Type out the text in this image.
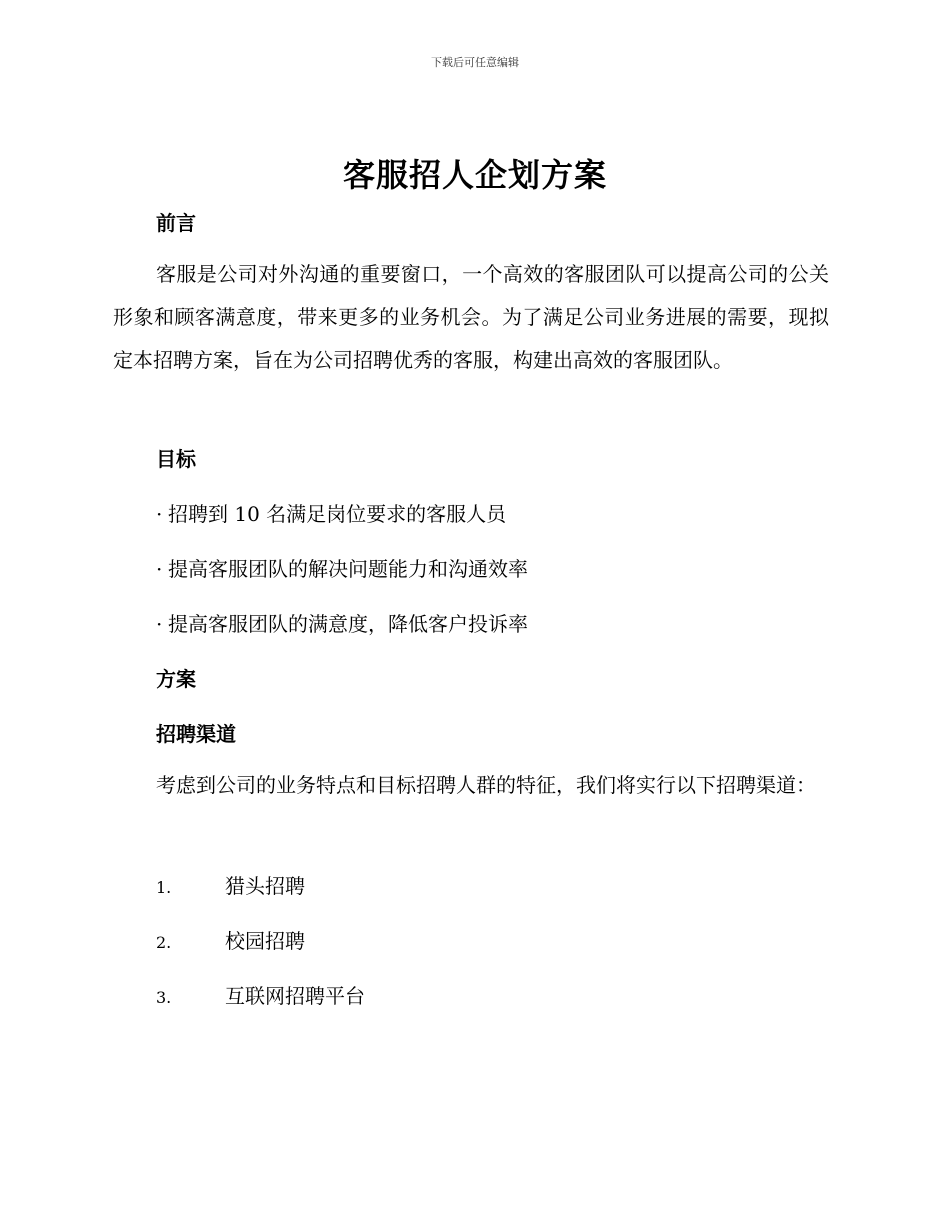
下载后可任意编辑
客服招人企划方案
前言
客服是公司对外沟通的重要窗口，一个高效的客服团队可以提高公司的公关形象和顾客满意度，带来更多的业务机会。为了满足公司业务进展的需要，现拟定本招聘方案，旨在为公司招聘优秀的客服，构建出高效的客服团队。
目标
· 招聘到 10 名满足岗位要求的客服人员
· 提高客服团队的解决问题能力和沟通效率
· 提高客服团队的满意度，降低客户投诉率
方案
招聘渠道
考虑到公司的业务特点和目标招聘人群的特征，我们将实行以下招聘渠道：
1.	猎头招聘
2.	校园招聘
3.	互联网招聘平台
